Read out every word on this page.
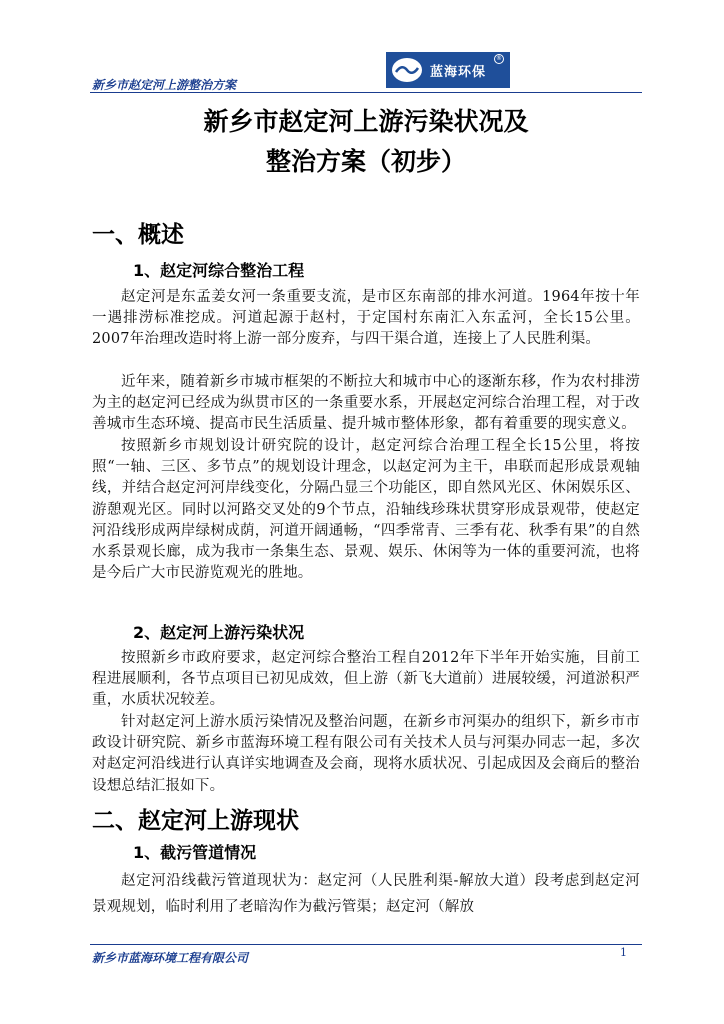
新乡市赵定河上游整治方案
蓝海环保
®
新乡市赵定河上游污染状况及
整治方案（初步）
一、概述
1、赵定河综合整治工程

赵定河是东孟姜女河一条重要支流，是市区东南部的排水河道。1964年按十年一遇排涝标准挖成。河道起源于赵村，于定国村东南汇入东孟河，全长15公里。2007年治理改造时将上游一部分废弃，与四干渠合道，连接上了人民胜利渠。

近年来，随着新乡市城市框架的不断拉大和城市中心的逐渐东移，作为农村排涝为主的赵定河已经成为纵贯市区的一条重要水系，开展赵定河综合治理工程，对于改善城市生态环境、提高市民生活质量、提升城市整体形象，都有着重要的现实意义。

按照新乡市规划设计研究院的设计，赵定河综合治理工程全长15公里，将按照“一轴、三区、多节点”的规划设计理念，以赵定河为主干，串联而起形成景观轴线，并结合赵定河河岸线变化，分隔凸显三个功能区，即自然风光区、休闲娱乐区、游憩观光区。同时以河路交叉处的9个节点，沿轴线珍珠状贯穿形成景观带，使赵定河沿线形成两岸绿树成荫，河道开阔通畅，“四季常青、三季有花、秋季有果”的自然水系景观长廊，成为我市一条集生态、景观、娱乐、休闲等为一体的重要河流，也将是今后广大市民游览观光的胜地。

2、赵定河上游污染状况

按照新乡市政府要求，赵定河综合整治工程自2012年下半年开始实施，目前工程进展顺利，各节点项目已初见成效，但上游（新飞大道前）进展较缓，河道淤积严重，水质状况较差。

针对赵定河上游水质污染情况及整治问题，在新乡市河渠办的组织下，新乡市市政设计研究院、新乡市蓝海环境工程有限公司有关技术人员与河渠办同志一起，多次对赵定河沿线进行认真详实地调查及会商，现将水质状况、引起成因及会商后的整治设想总结汇报如下。

二、赵定河上游现状
1、截污管道情况

赵定河沿线截污管道现状为：赵定河（人民胜利渠-解放大道）段考虑到赵定河景观规划，临时利用了老暗沟作为截污管渠；赵定河（解放

新乡市蓝海环境工程有限公司	1
